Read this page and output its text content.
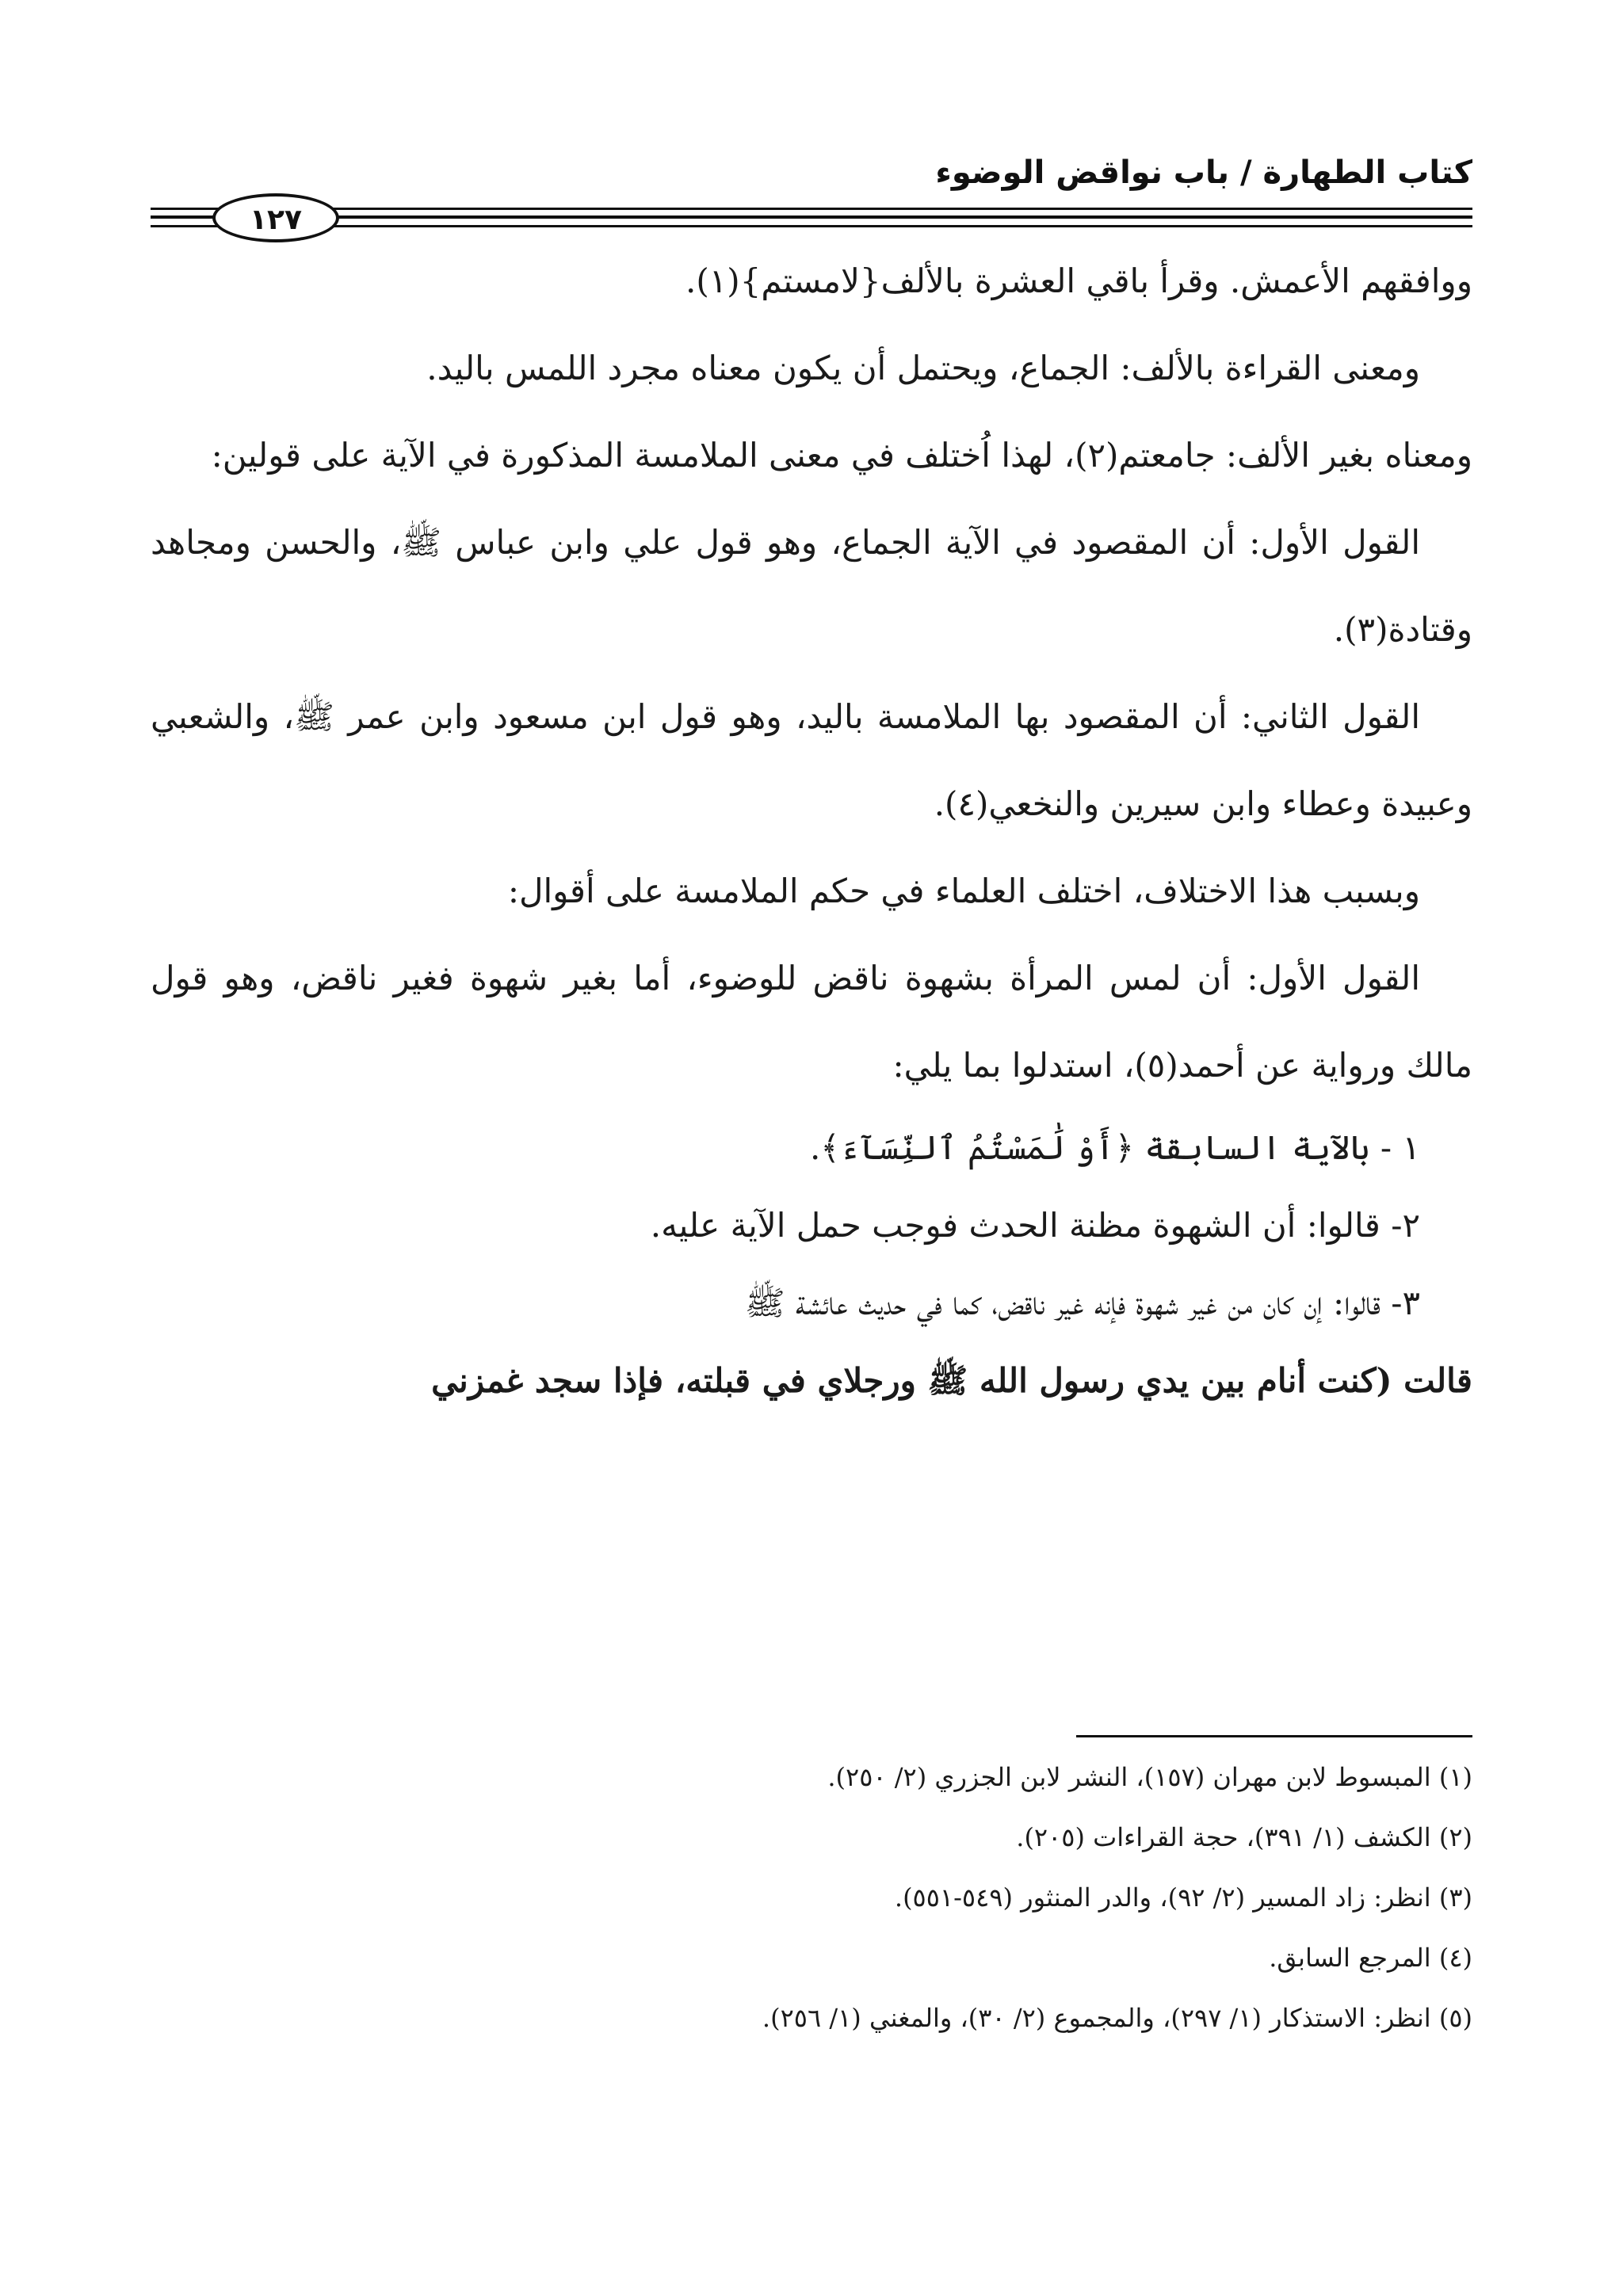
كتاب الطهارة / باب نواقض الوضوء
١٢٧

ووافقهم الأعمش. وقرأ باقي العشرة بالألف{لامستم}(١).

ومعنى القراءة بالألف: الجماع، ويحتمل أن يكون معناه مجرد اللمس باليد.

ومعناه بغير الألف: جامعتم(٢)، لهذا اُختلف في معنى الملامسة المذكورة في الآية على قولين:

القول الأول: أن المقصود في الآية الجماع، وهو قول علي وابن عباس ﷺ، والحسن ومجاهد وقتادة(٣).

القول الثاني: أن المقصود بها الملامسة باليد، وهو قول ابن مسعود وابن عمر ﷺ، والشعبي وعبيدة وعطاء وابن سيرين والنخعي(٤).

وبسبب هذا الاختلاف، اختلف العلماء في حكم الملامسة على أقوال:

القول الأول: أن لمس المرأة بشهوة ناقض للوضوء، أما بغير شهوة فغير ناقض، وهو قول مالك ورواية عن أحمد(٥)، استدلوا بما يلي:

١ - بالآية السابقة ﴿أَوْ لَٰمَسْتُمُ ٱلنِّسَآءَ﴾.

٢- قالوا: أن الشهوة مظنة الحدث فوجب حمل الآية عليه.

٣- قالوا: إن كان من غير شهوة فإنه غير ناقض، كما في حديث عائشة ﷺ

قالت (كنت أنام بين يدي رسول الله ﷺ ورجلاي في قبلته، فإذا سجد غمزني

(١) المبسوط لابن مهران (١٥٧)، النشر لابن الجزري (٢/ ٢٥٠).

(٢) الكشف (١/ ٣٩١)، حجة القراءات (٢٠٥).

(٣) انظر: زاد المسير (٢/ ٩٢)، والدر المنثور (٥٤٩-٥٥١).

(٤) المرجع السابق.

(٥) انظر: الاستذكار (١/ ٢٩٧)، والمجموع (٢/ ٣٠)، والمغني (١/ ٢٥٦).
